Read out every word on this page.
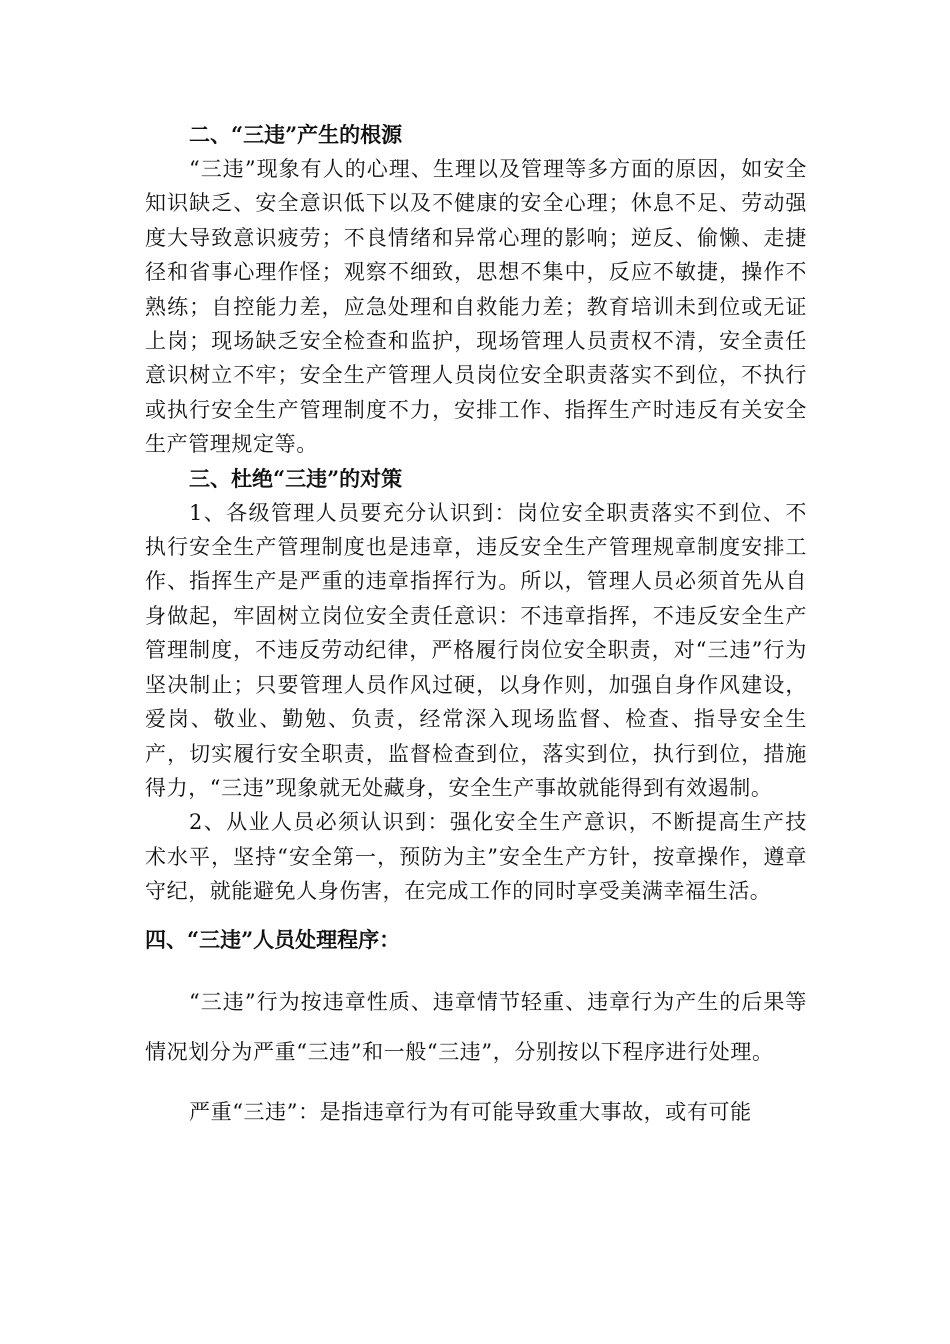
二、“三违”产生的根源

“三违”现象有人的心理、生理以及管理等多方面的原因，如安全知识缺乏、安全意识低下以及不健康的安全心理；休息不足、劳动强度大导致意识疲劳；不良情绪和异常心理的影响；逆反、偷懒、走捷径和省事心理作怪；观察不细致，思想不集中，反应不敏捷，操作不熟练；自控能力差，应急处理和自救能力差；教育培训未到位或无证上岗；现场缺乏安全检查和监护，现场管理人员责权不清，安全责任意识树立不牢；安全生产管理人员岗位安全职责落实不到位，不执行或执行安全生产管理制度不力，安排工作、指挥生产时违反有关安全生产管理规定等。

三、杜绝“三违”的对策

1、各级管理人员要充分认识到：岗位安全职责落实不到位、不执行安全生产管理制度也是违章，违反安全生产管理规章制度安排工作、指挥生产是严重的违章指挥行为。所以，管理人员必须首先从自身做起，牢固树立岗位安全责任意识：不违章指挥，不违反安全生产管理制度，不违反劳动纪律，严格履行岗位安全职责，对“三违”行为坚决制止；只要管理人员作风过硬，以身作则，加强自身作风建设，爱岗、敬业、勤勉、负责，经常深入现场监督、检查、指导安全生产，切实履行安全职责，监督检查到位，落实到位，执行到位，措施得力，“三违”现象就无处藏身，安全生产事故就能得到有效遏制。

2、从业人员必须认识到：强化安全生产意识，不断提高生产技术水平，坚持“安全第一，预防为主”安全生产方针，按章操作，遵章守纪，就能避免人身伤害，在完成工作的同时享受美满幸福生活。

四、“三违”人员处理程序：

“三违”行为按违章性质、违章情节轻重、违章行为产生的后果等情况划分为严重“三违”和一般“三违”，分别按以下程序进行处理。

严重“三违”：是指违章行为有可能导致重大事故，或有可能
